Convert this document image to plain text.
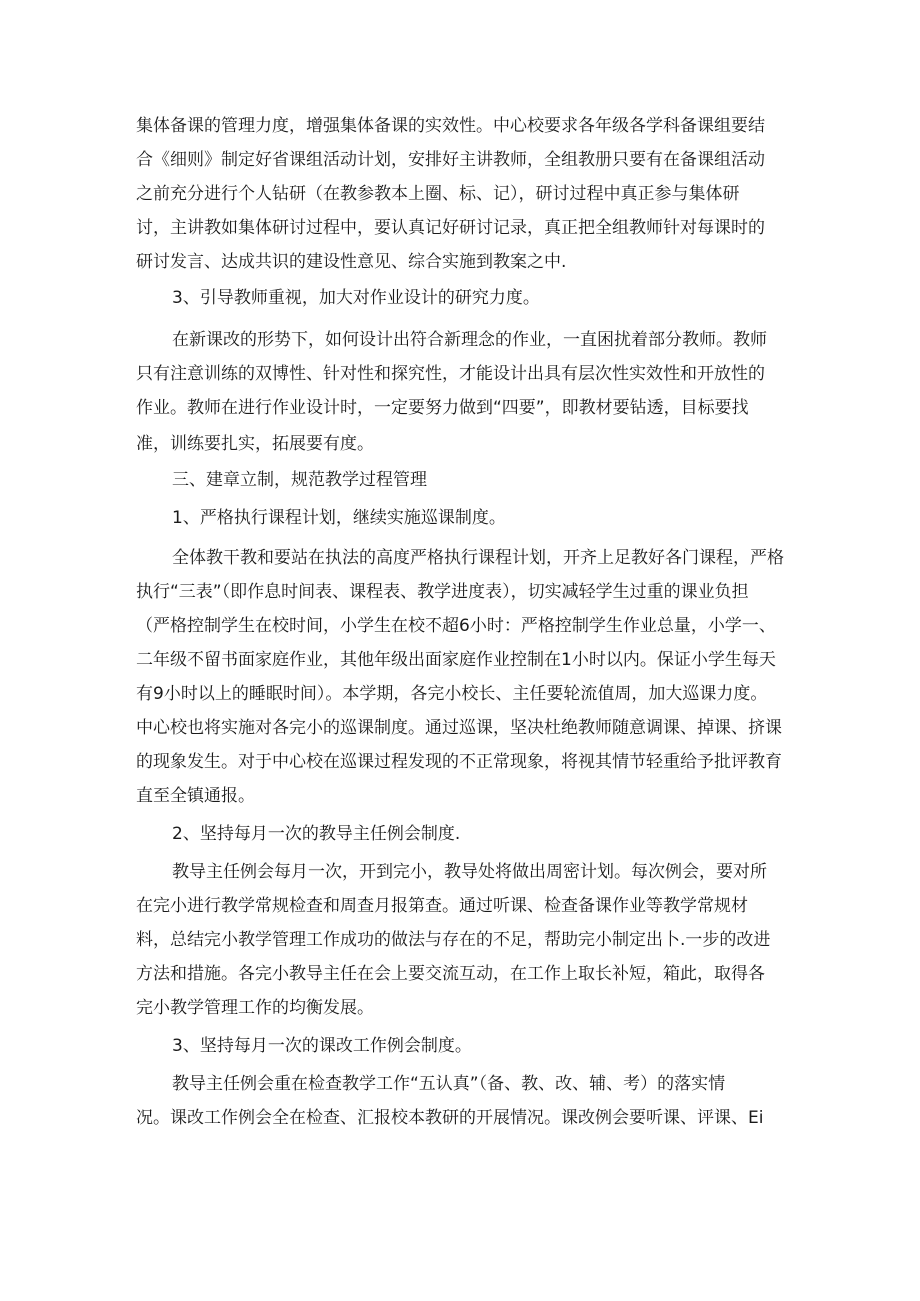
集体备课的管理力度，增强集体备课的实效性。中心校要求各年级各学科备课组要结
合《细则》制定好省课组活动计划，安排好主讲教师，全组教册只要有在备课组活动
之前充分进行个人钻研（在教参教本上圈、标、记），研讨过程中真正参与集体研
讨，主讲教如集体研讨过程中，要认真记好研讨记录，真正把全组教师针对每课时的
研讨发言、达成共识的建设性意见、综合实施到教案之中.
3、引导教师重视，加大对作业设计的研究力度。
在新课改的形势下，如何设计出符合新理念的作业，一直困扰着部分教师。教师
只有注意训练的双博性、针对性和探究性，才能设计出具有层次性实效性和开放性的
作业。教师在进行作业设计时，一定要努力做到“四要”，即教材要钻透，目标要找
准，训练要扎实，拓展要有度。
三、建章立制，规范教学过程管理
1、严格执行课程计划，继续实施巡课制度。
全体教干教和要站在执法的高度严格执行课程计划，开齐上足教好各门课程，严格
执行“三表”（即作息时间表、课程表、教学进度表），切实减轻学生过重的课业负担
（严格控制学生在校时间，小学生在校不超6小时：严格控制学生作业总量，小学一、
二年级不留书面家庭作业，其他年级出面家庭作业控制在1小时以内。保证小学生每天
有9小时以上的睡眠时间）。本学期，各完小校长、主任要轮流值周，加大巡课力度。
中心校也将实施对各完小的巡课制度。通过巡课，坚决杜绝教师随意调课、掉课、挤课
的现象发生。对于中心校在巡课过程发现的不正常现象，将视其情节轻重给予批评教育
直至全镇通报。
2、坚持每月一次的教导主任例会制度.
教导主任例会每月一次，开到完小，教导处将做出周密计划。每次例会，要对所
在完小进行教学常规检查和周查月报第查。通过听课、检查备课作业等教学常规材
料，总结完小教学管理工作成功的做法与存在的不足，帮助完小制定出卜.一步的改进
方法和措施。各完小教导主任在会上要交流互动，在工作上取长补短，箱此，取得各
完小教学管理工作的均衡发展。
3、坚持每月一次的课改工作例会制度。
教导主任例会重在检查教学工作“五认真”（备、教、改、辅、考）的落实情
况。课改工作例会全在检查、汇报校本教研的开展情况。课改例会要听课、评课、Ei
